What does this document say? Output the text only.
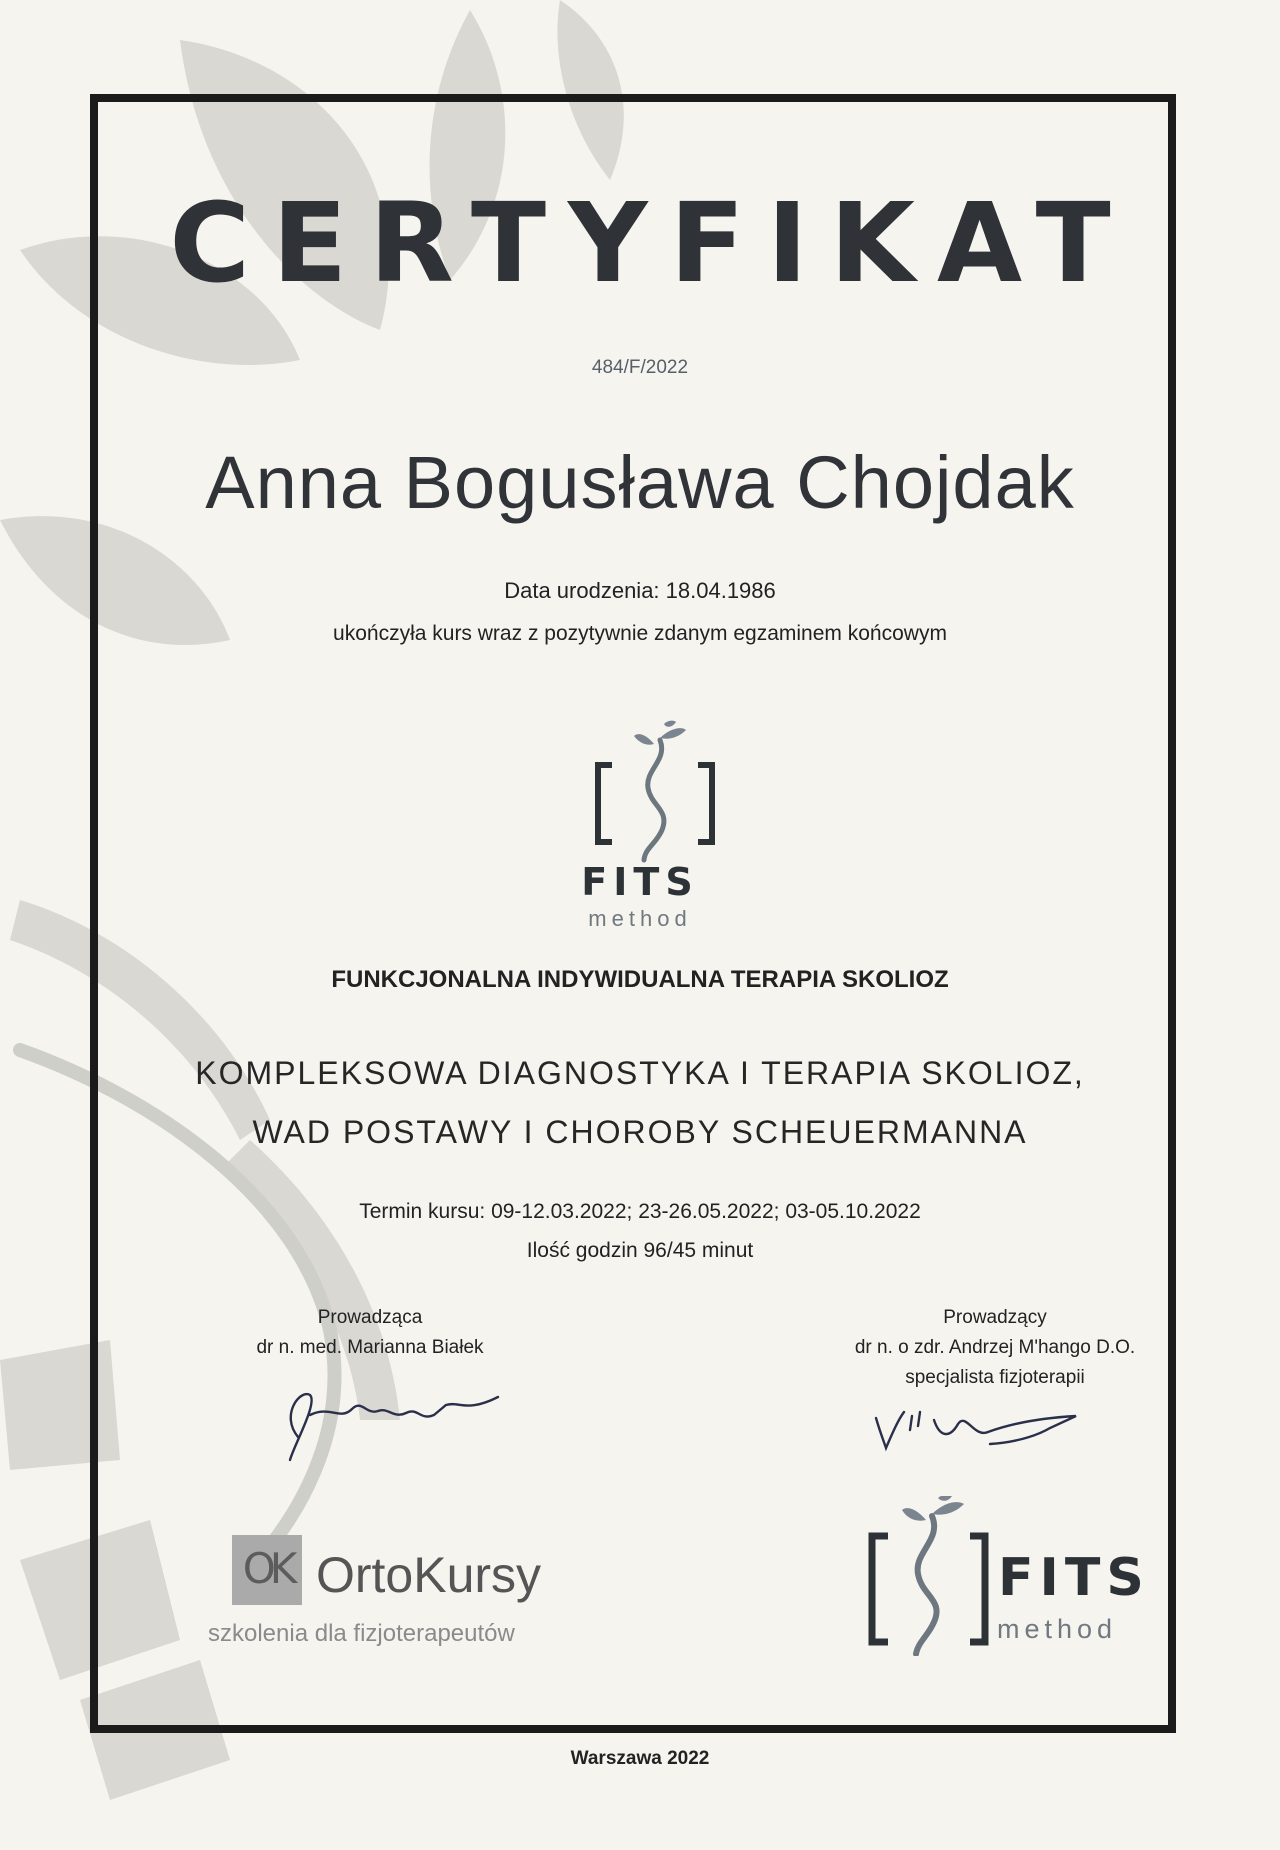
CERTYFIKAT
484/F/2022
Anna Bogusława Chojdak
Data urodzenia: 18.04.1986
ukończyła kurs wraz z pozytywnie zdanym egzaminem końcowym
FITS
method
FUNKCJONALNA INDYWIDUALNA TERAPIA SKOLIOZ
KOMPLEKSOWA DIAGNOSTYKA I TERAPIA SKOLIOZ,
WAD POSTAWY I CHOROBY SCHEUERMANNA
Termin kursu: 09-12.03.2022; 23-26.05.2022; 03-05.10.2022
Ilość godzin 96/45 minut
Prowadząca
dr n. med. Marianna Białek
Prowadzący
dr n. o zdr. Andrzej M'hango D.O.
specjalista fizjoterapii
OK OrtoKursy
szkolenia dla fizjoterapeutów
FITS
method
Warszawa 2022
